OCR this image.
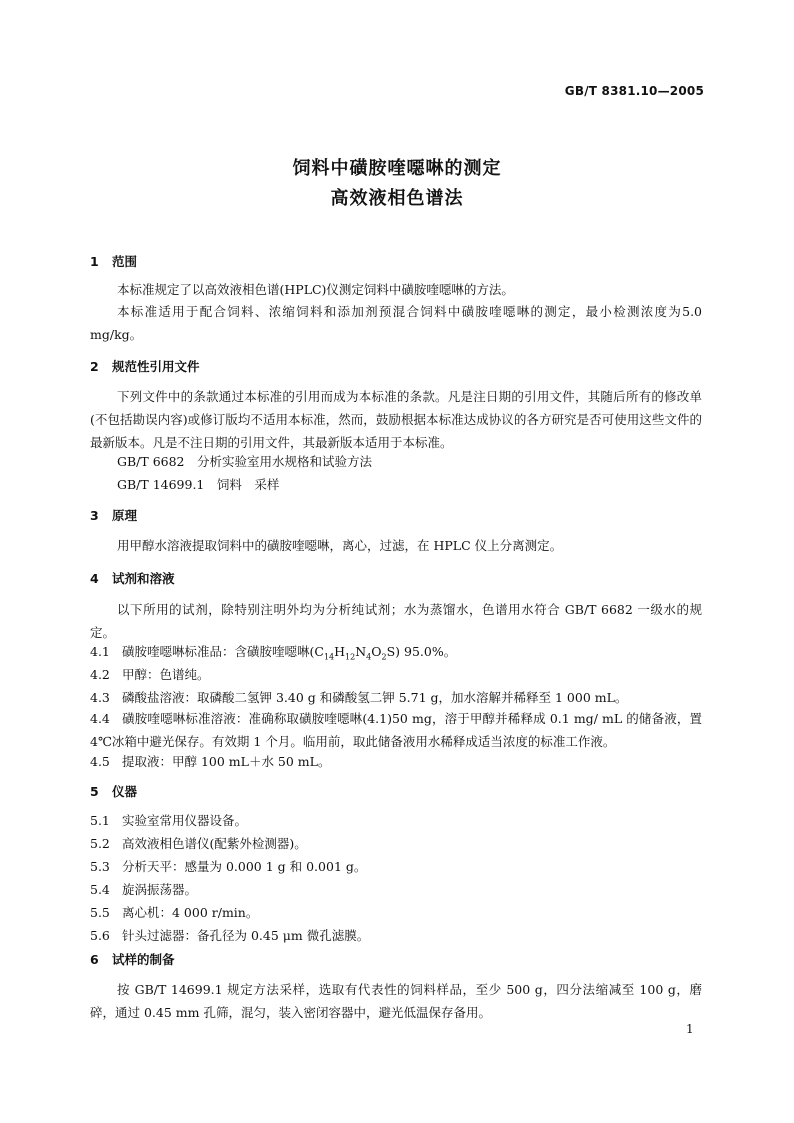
GB/T 8381.10—2005
饲料中磺胺喹噁啉的测定
高效液相色谱法
1 范围
本标准规定了以高效液相色谱(HPLC)仪测定饲料中磺胺喹噁啉的方法。
本标准适用于配合饲料、浓缩饲料和添加剂预混合饲料中磺胺喹噁啉的测定，最小检测浓度为5.0 mg/kg。
2 规范性引用文件
下列文件中的条款通过本标准的引用而成为本标准的条款。凡是注日期的引用文件，其随后所有的修改单(不包括勘误内容)或修订版均不适用本标准，然而，鼓励根据本标准达成协议的各方研究是否可使用这些文件的最新版本。凡是不注日期的引用文件，其最新版本适用于本标准。
GB/T 6682　分析实验室用水规格和试验方法
GB/T 14699.1　饲料　采样
3 原理
用甲醇水溶液提取饲料中的磺胺喹噁啉，离心，过滤，在 HPLC 仪上分离测定。
4 试剂和溶液
以下所用的试剂，除特别注明外均为分析纯试剂；水为蒸馏水，色谱用水符合 GB/T 6682 一级水的规定。
4.1 磺胺喹噁啉标准品：含磺胺喹噁啉$(C_{14}H_{12}N_4O_2S)$ 95.0%。
4.2 甲醇：色谱纯。
4.3 磷酸盐溶液：取磷酸二氢钾 3.40 g 和磷酸氢二钾 5.71 g，加水溶解并稀释至 1 000 mL。
4.4 磺胺喹噁啉标准溶液：准确称取磺胺喹噁啉(4.1)50 mg，溶于甲醇并稀释成 0.1 mg/ mL 的储备液，置 4℃冰箱中避光保存。有效期 1 个月。临用前，取此储备液用水稀释成适当浓度的标准工作液。
4.5 提取液：甲醇 100 mL＋水 50 mL。
5 仪器
5.1 实验室常用仪器设备。
5.2 高效液相色谱仪(配紫外检测器)。
5.3 分析天平：感量为 0.000 1 g 和 0.001 g。
5.4 旋涡振荡器。
5.5 离心机：4 000 r/min。
5.6 针头过滤器：备孔径为 0.45 μm 微孔滤膜。
6 试样的制备
按 GB/T 14699.1 规定方法采样，选取有代表性的饲料样品，至少 500 g，四分法缩减至 100 g，磨碎，通过 0.45 mm 孔筛，混匀，装入密闭容器中，避光低温保存备用。
1
